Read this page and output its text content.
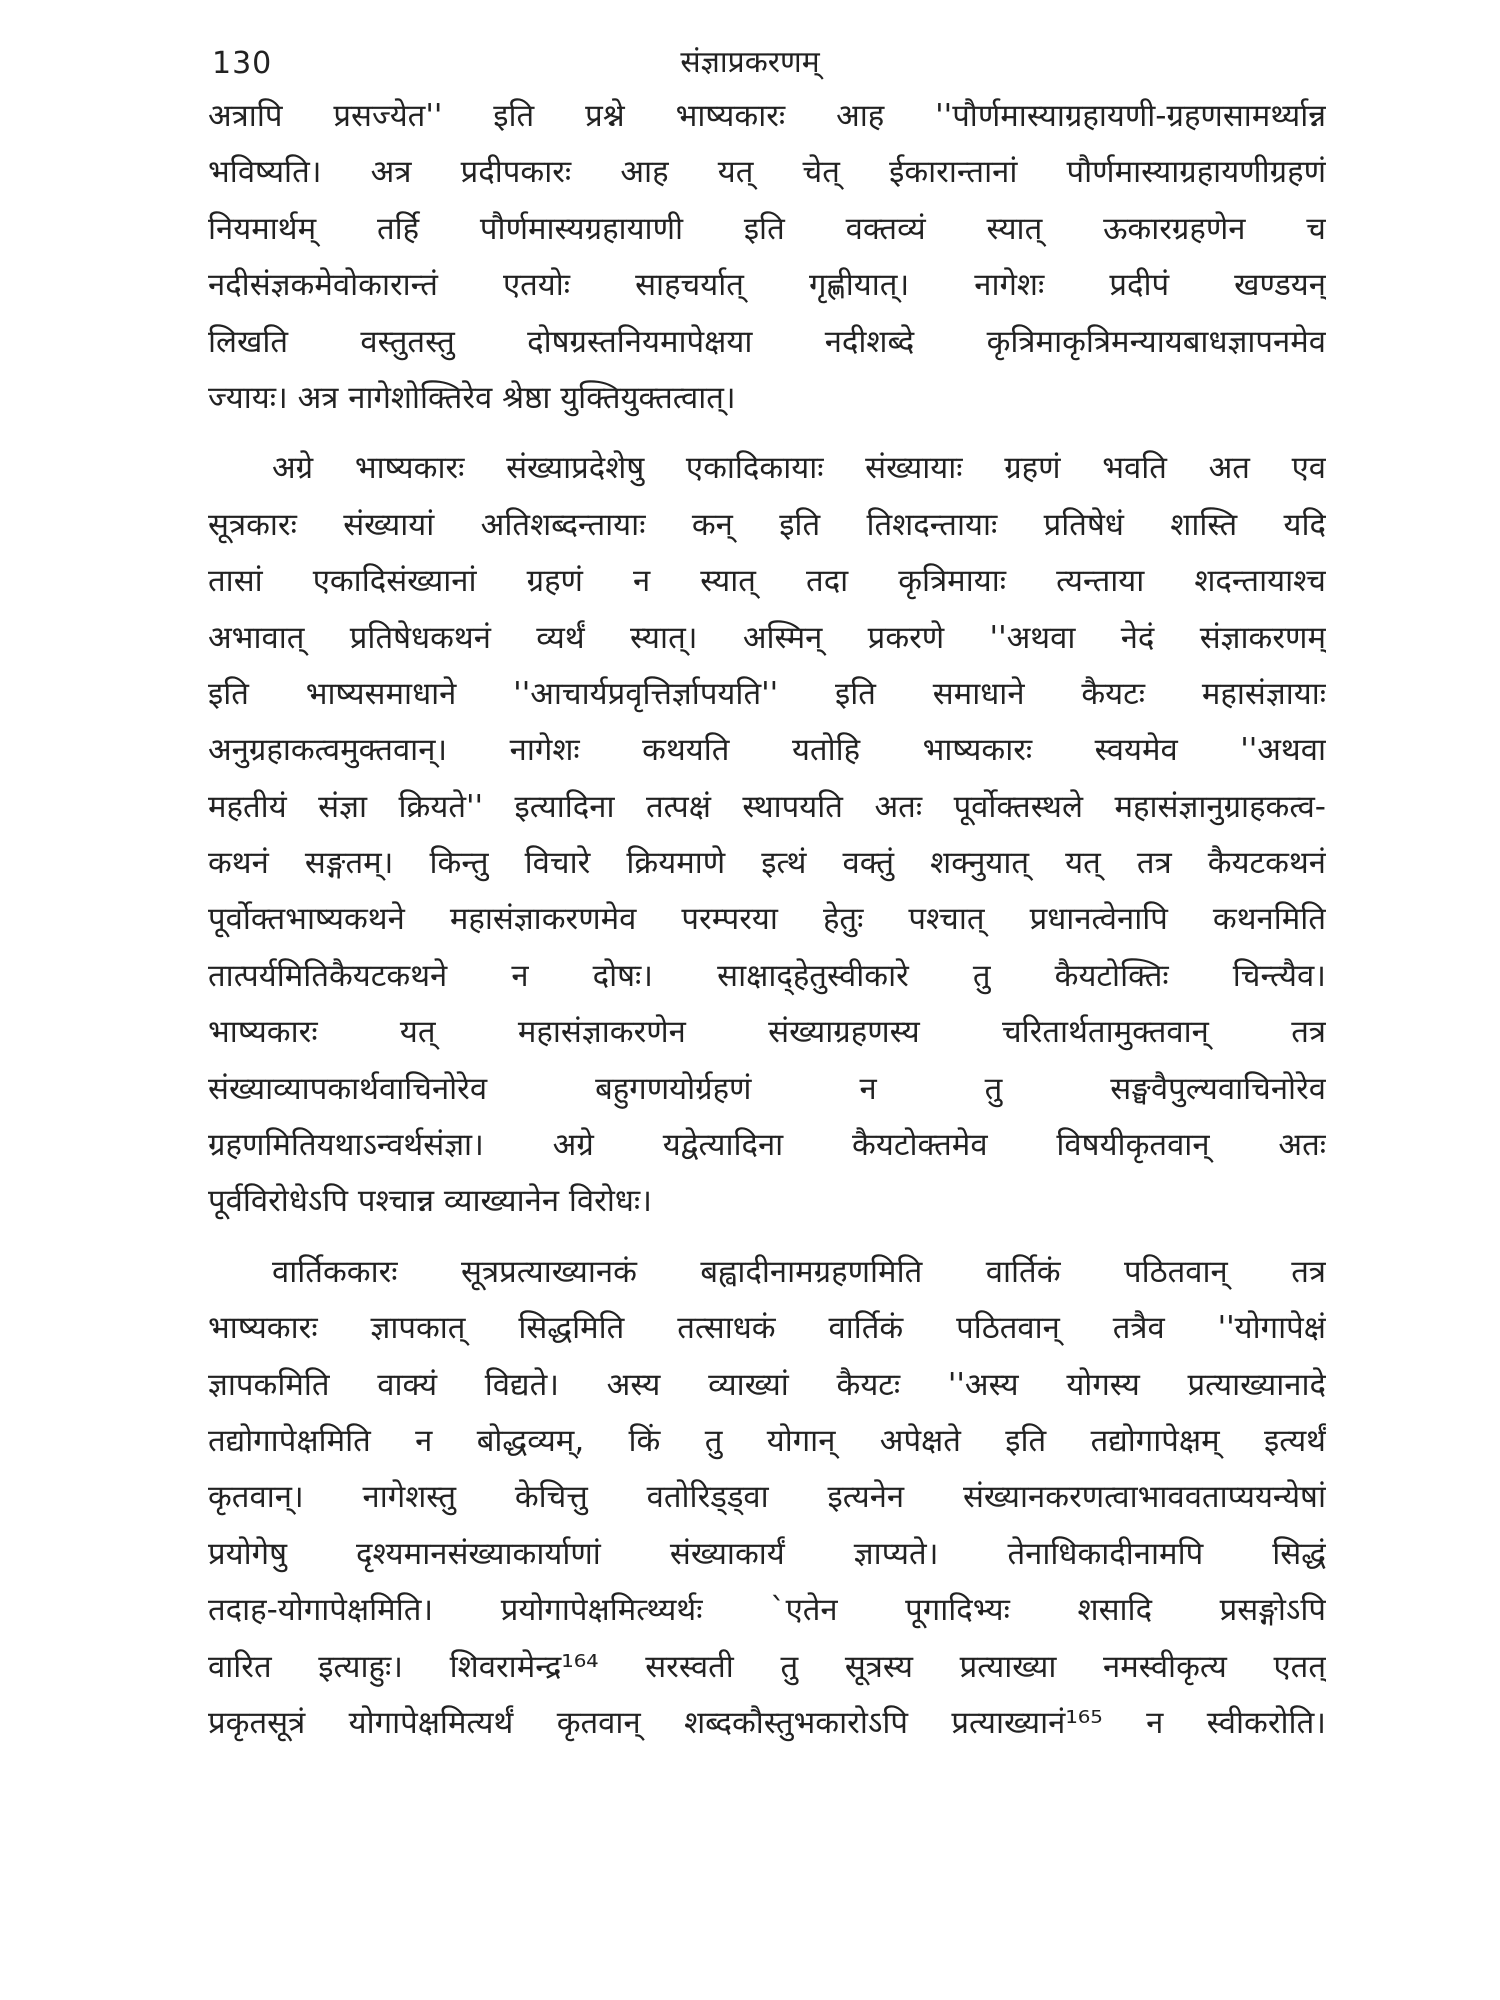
130	संज्ञाप्रकरणम्
अत्रापि प्रसज्येत'' इति प्रश्ने भाष्यकारः आह ''पौर्णमास्याग्रहायणी-ग्रहणसामर्थ्यान्न
भविष्यति। अत्र प्रदीपकारः आह यत् चेत् ईकारान्तानां पौर्णमास्याग्रहायणीग्रहणं
नियमार्थम् तर्हि पौर्णमास्यग्रहायाणी इति वक्तव्यं स्यात् ऊकारग्रहणेन च
नदीसंज्ञकमेवोकारान्तं एतयोः साहचर्यात् गृह्णीयात्। नागेशः प्रदीपं खण्डयन्
लिखति वस्तुतस्तु दोषग्रस्तनियमापेक्षया नदीशब्दे कृत्रिमाकृत्रिमन्यायबाधज्ञापनमेव
ज्यायः। अत्र नागेशोक्तिरेव श्रेष्ठा युक्तियुक्तत्वात्।
अग्रे भाष्यकारः संख्याप्रदेशेषु एकादिकायाः संख्यायाः ग्रहणं भवति अत एव
सूत्रकारः संख्यायां अतिशब्दन्तायाः कन् इति तिशदन्तायाः प्रतिषेधं शास्ति यदि
तासां एकादिसंख्यानां ग्रहणं न स्यात् तदा कृत्रिमायाः त्यन्ताया शदन्तायाश्च
अभावात् प्रतिषेधकथनं व्यर्थं स्यात्। अस्मिन् प्रकरणे ''अथवा नेदं संज्ञाकरणम्
इति भाष्यसमाधाने ''आचार्यप्रवृत्तिर्ज्ञापयति'' इति समाधाने कैयटः महासंज्ञायाः
अनुग्रहाकत्वमुक्तवान्। नागेशः कथयति यतोहि भाष्यकारः स्वयमेव ''अथवा
महतीयं संज्ञा क्रियते'' इत्यादिना तत्पक्षं स्थापयति अतः पूर्वोक्तस्थले महासंज्ञानुग्राहकत्व-
कथनं सङ्गतम्। किन्तु विचारे क्रियमाणे इत्थं वक्तुं शक्नुयात् यत् तत्र कैयटकथनं
पूर्वोक्तभाष्यकथने महासंज्ञाकरणमेव परम्परया हेतुः पश्चात् प्रधानत्वेनापि कथनमिति
तात्पर्यमितिकैयटकथने न दोषः। साक्षाद्हेतुस्वीकारे तु कैयटोक्तिः चिन्त्यैव।
भाष्यकारः यत् महासंज्ञाकरणेन संख्याग्रहणस्य चरितार्थतामुक्तवान् तत्र
संख्याव्यापकार्थवाचिनोरेव बहुगणयोर्ग्रहणं न तु सङ्घवैपुल्यवाचिनोरेव
ग्रहणमितियथाऽन्वर्थसंज्ञा। अग्रे यद्वेत्यादिना कैयटोक्तमेव विषयीकृतवान् अतः
पूर्वविरोधेऽपि पश्चान्न व्याख्यानेन विरोधः।
वार्तिककारः सूत्रप्रत्याख्यानकं बह्वादीनामग्रहणमिति वार्तिकं पठितवान् तत्र
भाष्यकारः ज्ञापकात् सिद्धमिति तत्साधकं वार्तिकं पठितवान् तत्रैव ''योगापेक्षं
ज्ञापकमिति वाक्यं विद्यते। अस्य व्याख्यां कैयटः ''अस्य योगस्य प्रत्याख्यानादे
तद्योगापेक्षमिति न बोद्धव्यम्, किं तु योगान् अपेक्षते इति तद्योगापेक्षम् इत्यर्थं
कृतवान्। नागेशस्तु केचित्तु वतोरिड्ड्वा इत्यनेन संख्यानकरणत्वाभाववताप्ययन्येषां
प्रयोगेषु दृश्यमानसंख्याकार्याणां संख्याकार्यं ज्ञाप्यते। तेनाधिकादीनामपि सिद्धं
तदाह-योगापेक्षमिति। प्रयोगापेक्षमित्थ्यर्थः `एतेन पूगादिभ्यः शसादि प्रसङ्गोऽपि
वारित इत्याहुः। शिवरामेन्द्र¹⁶⁴ सरस्वती तु सूत्रस्य प्रत्याख्या नमस्वीकृत्य एतत्
प्रकृतसूत्रं योगापेक्षमित्यर्थं कृतवान् शब्दकौस्तुभकारोऽपि प्रत्याख्यानं¹⁶⁵ न स्वीकरोति।
